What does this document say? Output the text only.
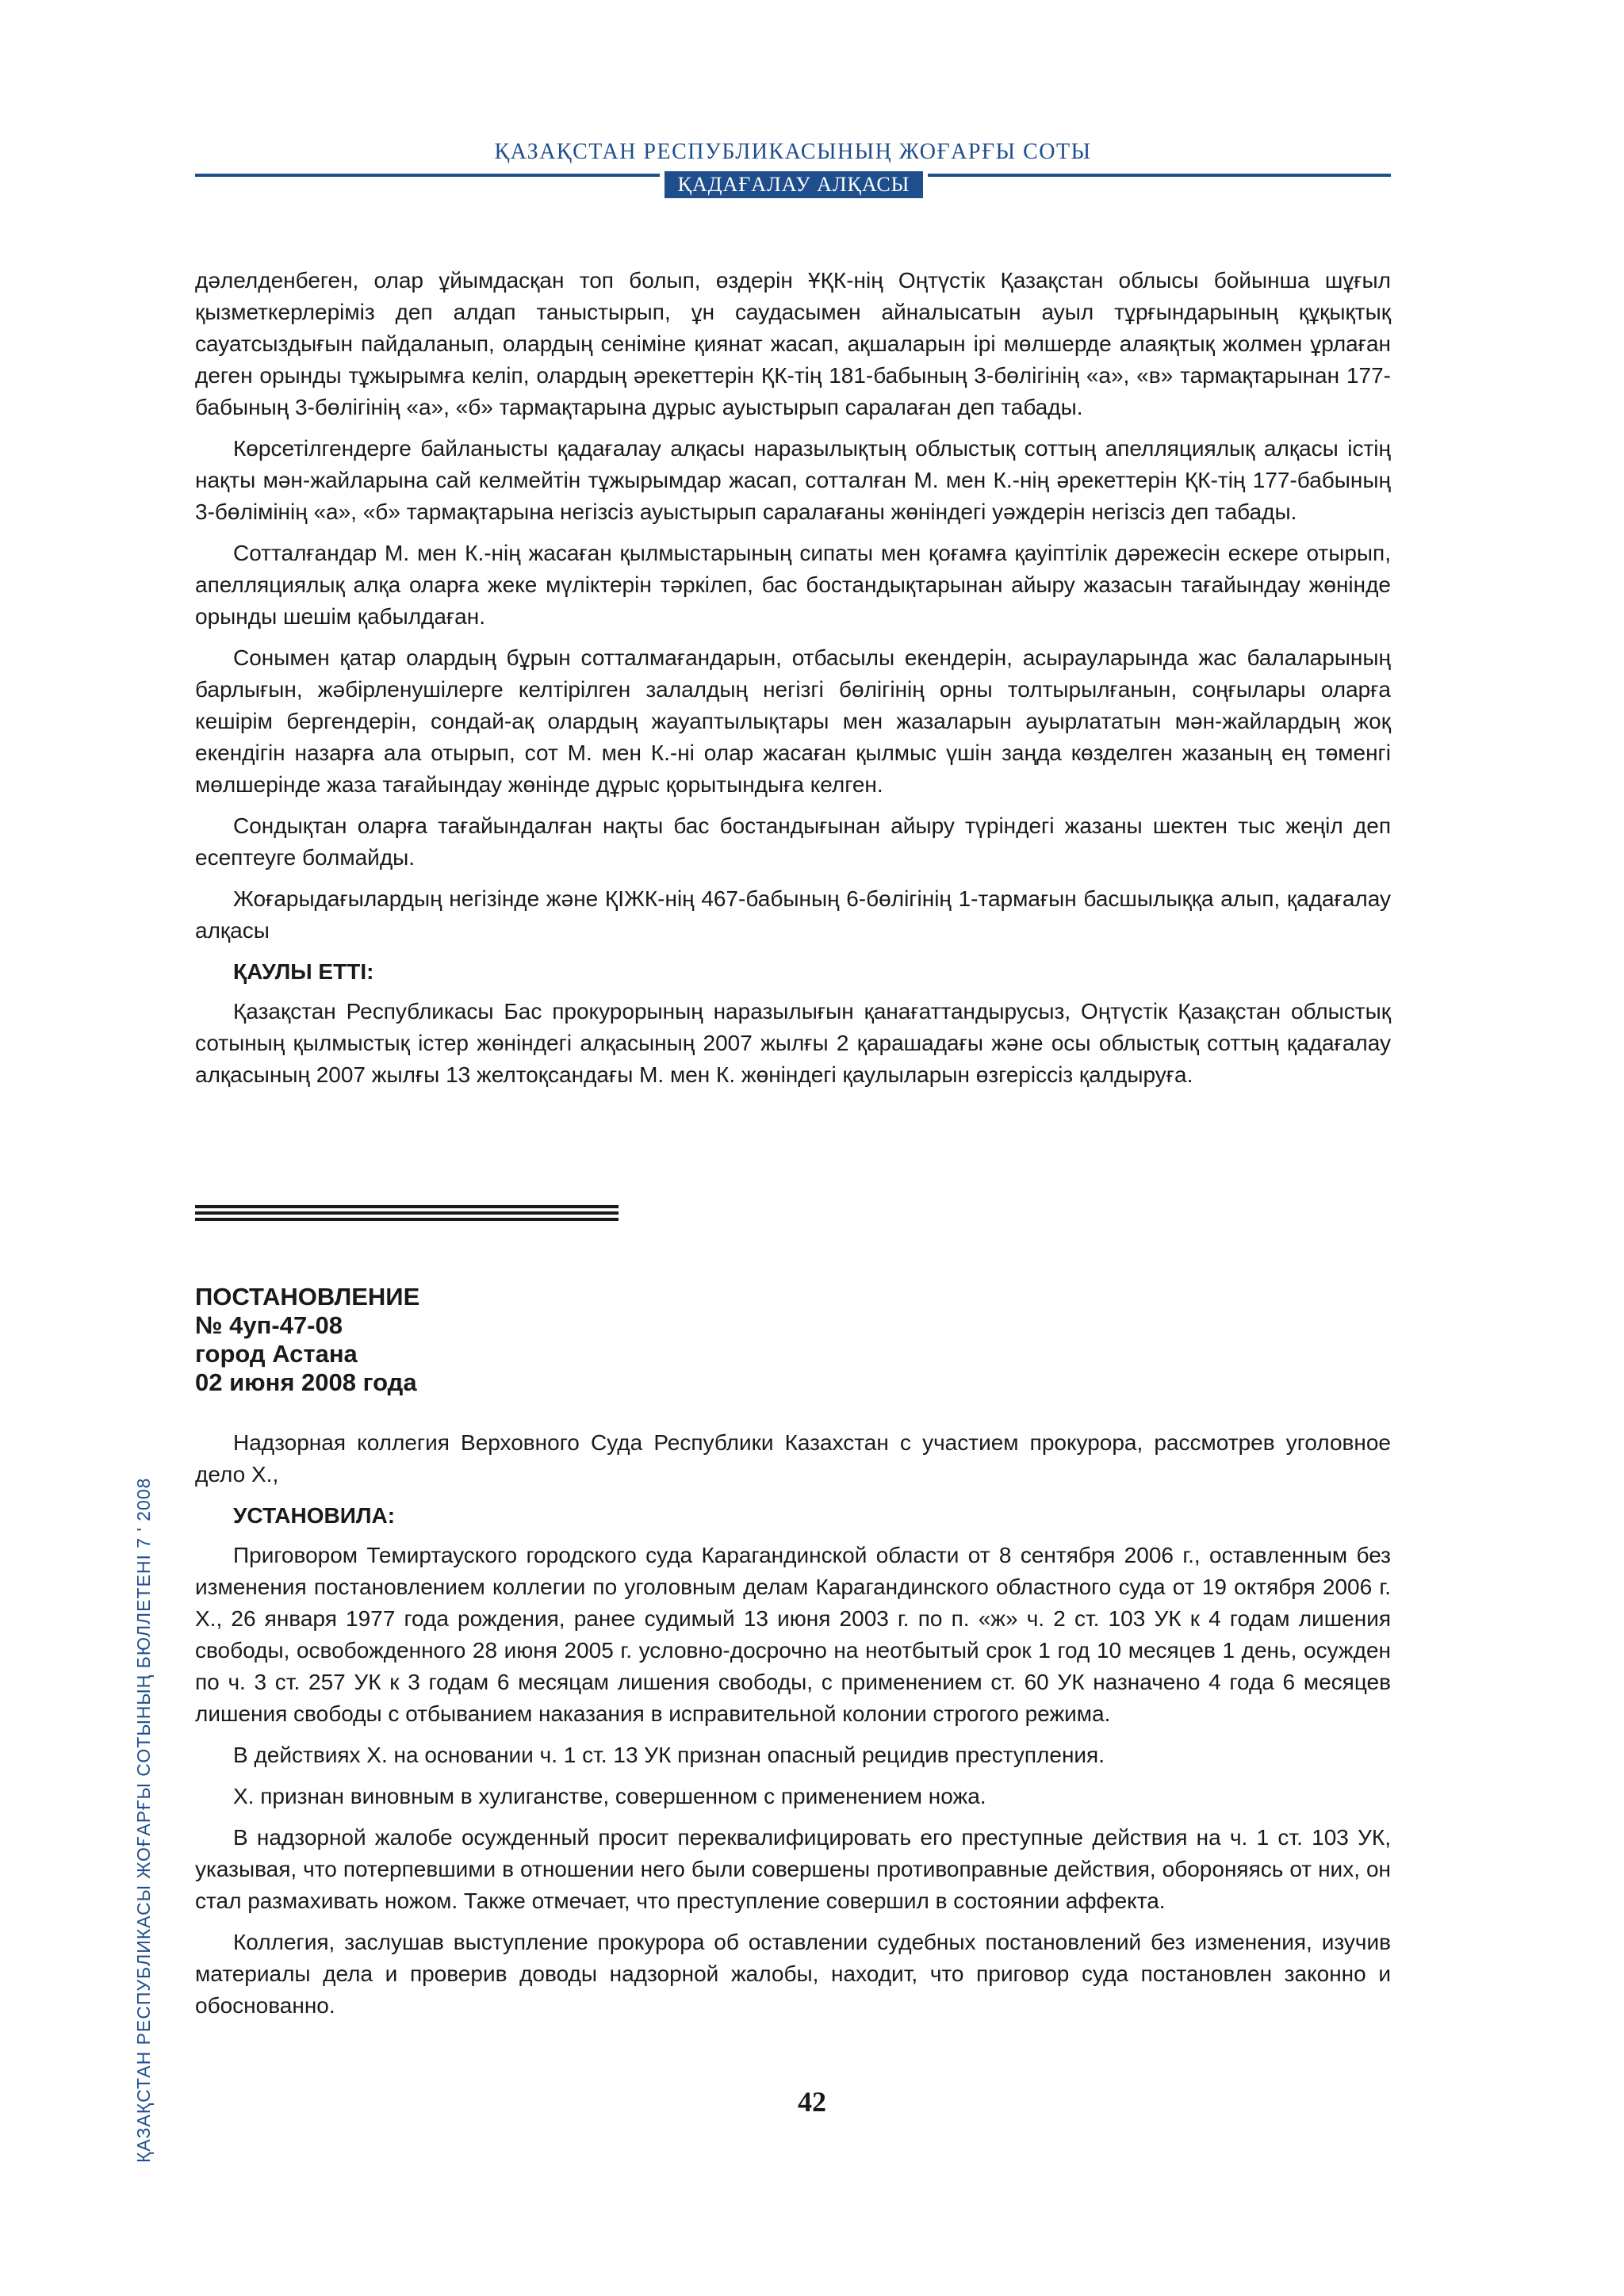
ҚАЗАҚСТАН РЕСПУБЛИКАСЫНЫҢ ЖОҒАРҒЫ СОТЫ
ҚАДАҒАЛАУ АЛҚАСЫ

дәлелденбеген, олар ұйымдасқан топ болып, өздерін ҰҚК-нің Оңтүстік Қазақстан облысы бойынша шұғыл қызметкерлеріміз деп алдап таныстырып, ұн саудасымен айналысатын ауыл тұрғындарының құқықтық сауатсыздығын пайдаланып, олардың сеніміне қиянат жасап, ақшаларын ірі мөлшерде алаяқтық жолмен ұрлаған деген орынды тұжырымға келіп, олардың әрекеттерін ҚК-тің 181-бабының 3-бөлігінің «а», «в» тармақтарынан 177-бабының 3-бөлігінің «а», «б» тармақтарына дұрыс ауыстырып саралаған деп табады.

Көрсетілгендерге байланысты қадағалау алқасы наразылықтың облыстық соттың апелляциялық алқасы істің нақты мән-жайларына сай келмейтін тұжырымдар жасап, сотталған М. мен К.-нің әрекеттерін ҚК-тің 177-бабының 3-бөлімінің «а», «б» тармақтарына негізсіз ауыстырып саралағаны жөніндегі уәждерін негізсіз деп табады.

Сотталғандар М. мен К.-нің жасаған қылмыстарының сипаты мен қоғамға қауіптілік дәрежесін ескере отырып, апелляциялық алқа оларға жеке мүліктерін тәркілеп, бас бостандықтарынан айыру жазасын тағайындау жөнінде орынды шешім қабылдаған.

Сонымен қатар олардың бұрын сотталмағандарын, отбасылы екендерін, асырауларында жас балаларының барлығын, жәбірленушілерге келтірілген залалдың негізгі бөлігінің орны толтырылғанын, соңғылары оларға кешірім бергендерін, сондай-ақ олардың жауаптылықтары мен жазаларын ауырлататын мән-жайлардың жоқ екендігін назарға ала отырып, сот М. мен К.-ні олар жасаған қылмыс үшін заңда көзделген жазаның ең төменгі мөлшерінде жаза тағайындау жөнінде дұрыс қорытындыға келген.

Сондықтан оларға тағайындалған нақты бас бостандығынан айыру түріндегі жазаны шектен тыс жеңіл деп есептеуге болмайды.

Жоғарыдағылардың негізінде және ҚІЖК-нің 467-бабының 6-бөлігінің 1-тармағын басшылыққа алып, қадағалау алқасы

ҚАУЛЫ ЕТТІ:

Қазақстан Республикасы Бас прокурорының наразылығын қанағаттандырусыз, Оңтүстік Қазақстан облыстық сотының қылмыстық істер жөніндегі алқасының 2007 жылғы 2 қарашадағы және осы облыстық соттың қадағалау алқасының 2007 жылғы 13 желтоқсандағы М. мен К. жөніндегі қаулыларын өзгеріссіз қалдыруға.

ПОСТАНОВЛЕНИЕ
№ 4уп-47-08
город Астана
02 июня 2008 года

Надзорная коллегия Верховного Суда Республики Казахстан с участием прокурора, рассмотрев уголовное дело Х.,

УСТАНОВИЛА:

Приговором Темиртауского городского суда Карагандинской области от 8 сентября 2006 г., оставленным без изменения постановлением коллегии по уголовным делам Карагандинского областного суда от 19 октября 2006 г. Х., 26 января 1977 года рождения, ранее судимый 13 июня 2003 г. по п. «ж» ч. 2 ст. 103 УК к 4 годам лишения свободы, освобожденного 28 июня 2005 г. условно-досрочно на неотбытый срок 1 год 10 месяцев 1 день, осужден по ч. 3 ст. 257 УК к 3 годам 6 месяцам лишения свободы, с применением ст. 60 УК назначено 4 года 6 месяцев лишения свободы с отбыванием наказания в исправительной колонии строгого режима.

В действиях Х. на основании ч. 1 ст. 13 УК признан опасный рецидив преступления.

Х. признан виновным в хулиганстве, совершенном с применением ножа.

В надзорной жалобе осужденный просит переквалифицировать его преступные действия на ч. 1 ст. 103 УК, указывая, что потерпевшими в отношении него были совершены противоправные действия, обороняясь от них, он стал размахивать ножом. Также отмечает, что преступление совершил в состоянии аффекта.

Коллегия, заслушав выступление прокурора об оставлении судебных постановлений без изменения, изучив материалы дела и проверив доводы надзорной жалобы, находит, что приговор суда постановлен законно и обоснованно.

ҚАЗАҚСТАН РЕСПУБЛИКАСЫ ЖОҒАРҒЫ СОТЫНЫҢ БЮЛЛЕТЕНІ 7 ' 2008	42
